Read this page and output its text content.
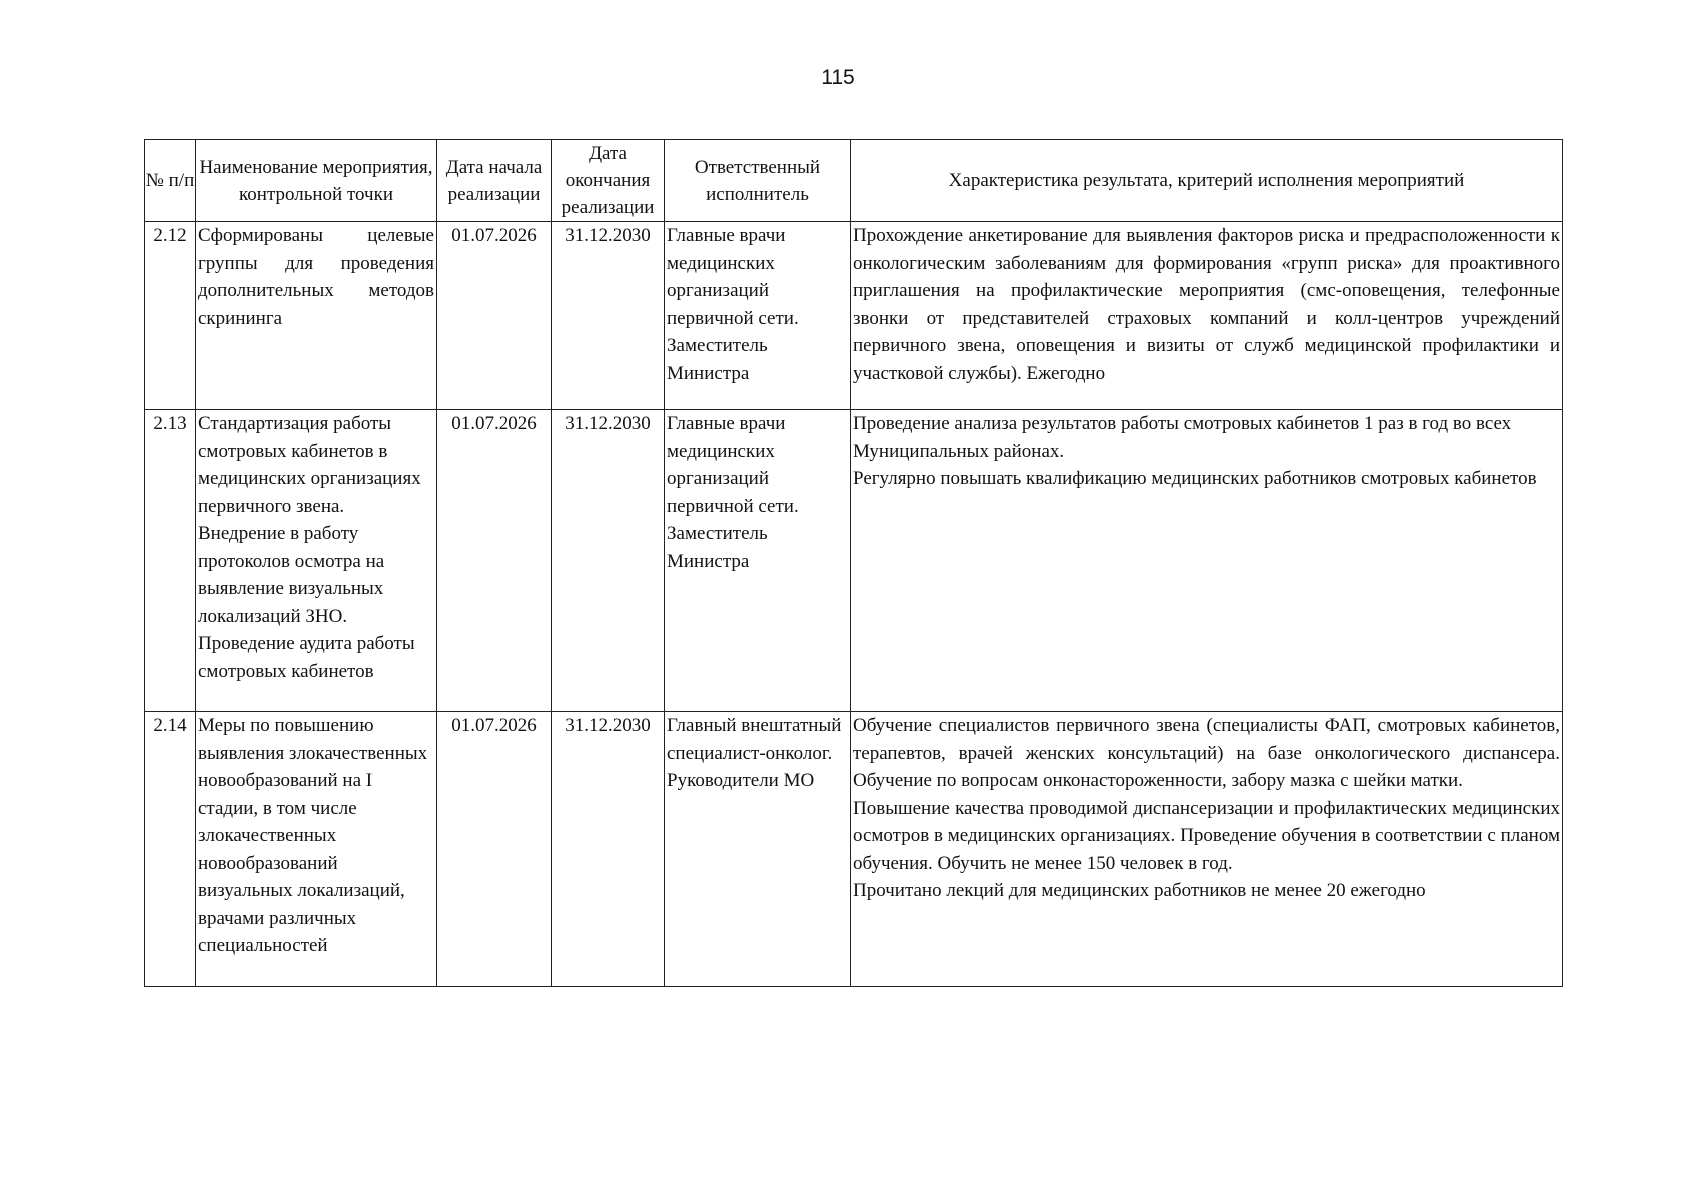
115
№ п/п	Наименование мероприятия, контрольной точки	Дата начала реализации	Дата окончания реализации	Ответственный исполнитель	Характеристика результата, критерий исполнения мероприятий
2.12	Сформированы целевые группы для проведения дополнительных методов скрининга	01.07.2026	31.12.2030	Главные врачи медицинских организаций первичной сети. Заместитель Министра	Прохождение анкетирование для выявления факторов риска и предрасположенности к онкологическим заболеваниям для формирования «групп риска» для проактивного приглашения на профилактические мероприятия (смс-оповещения, телефонные звонки от представителей страховых компаний и колл-центров учреждений первичного звена, оповещения и визиты от служб медицинской профилактики и участковой службы). Ежегодно

2.13	Стандартизация работы смотровых кабинетов в медицинских организациях первичного звена. Внедрение в работу протоколов осмотра на выявление визуальных локализаций ЗНО. Проведение аудита работы смотровых кабинетов	01.07.2026	31.12.2030	Главные врачи медицинских организаций первичной сети. Заместитель Министра	Проведение анализа результатов работы смотровых кабинетов 1 раз в год во всех Муниципальных районах.
Регулярно повышать квалификацию медицинских работников смотровых кабинетов

2.14	Меры по повышению выявления злокачественных новообразований на I стадии, в том числе злокачественных новообразований визуальных локализаций, врачами различных специальностей	01.07.2026	31.12.2030	Главный внештатный специалист-онколог. Руководители МО	Обучение специалистов первичного звена (специалисты ФАП, смотровых кабинетов, терапевтов, врачей женских консультаций) на базе онкологического диспансера. Обучение по вопросам онконастороженности, забору мазка с шейки матки.
Повышение качества проводимой диспансеризации и профилактических медицинских осмотров в медицинских организациях. Проведение обучения в соответствии с планом обучения. Обучить не менее 150 человек в год.
Прочитано лекций для медицинских работников не менее 20 ежегодно
